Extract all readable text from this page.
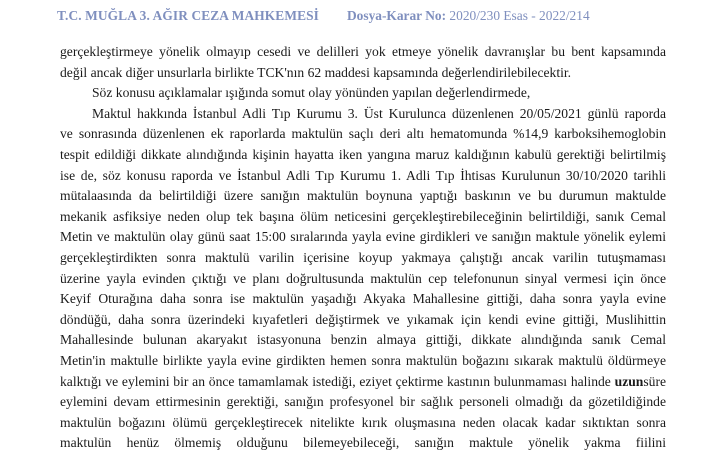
T.C. MUĞLA 3. AĞIR CEZA MAHKEMESİ Dosya-Karar No: 2020/230 Esas - 2022/214
gerçekleştirmeye yönelik olmayıp cesedi ve delilleri yok etmeye yönelik davranışlar bu bent kapsamında
değil ancak diğer unsurlarla birlikte TCK'nın 62 maddesi kapsamında değerlendirilebilecektir.
Söz konusu açıklamalar ışığında somut olay yönünden yapılan değerlendirmede,
Maktul hakkında İstanbul Adli Tıp Kurumu 3. Üst Kurulunca düzenlenen 20/05/2021 günlü raporda
ve sonrasında düzenlenen ek raporlarda maktulün saçlı deri altı hematomunda %14,9 karboksihemoglobin
tespit edildiği dikkate alındığında kişinin hayatta iken yangına maruz kaldığının kabulü gerektiği belirtilmiş
ise de, söz konusu raporda ve İstanbul Adli Tıp Kurumu 1. Adli Tıp İhtisas Kurulunun 30/10/2020 tarihli
mütalaasında da belirtildiği üzere sanığın maktulün boynuna yaptığı baskının ve bu durumun maktulde
mekanik asfiksiye neden olup tek başına ölüm neticesini gerçekleştirebileceğinin belirtildiği, sanık Cemal
Metin ve maktulün olay günü saat 15:00 sıralarında yayla evine girdikleri ve sanığın maktule yönelik eylemi
gerçekleştirdikten sonra maktulü varilin içerisine koyup yakmaya çalıştığı ancak varilin tutuşmaması
üzerine yayla evinden çıktığı ve planı doğrultusunda maktulün cep telefonunun sinyal vermesi için önce
Keyif Oturağına daha sonra ise maktulün yaşadığı Akyaka Mahallesine gittiği, daha sonra yayla evine
döndüğü, daha sonra üzerindeki kıyafetleri değiştirmek ve yıkamak için kendi evine gittiği, Muslihittin
Mahallesinde bulunan akaryakıt istasyonuna benzin almaya gittiği, dikkate alındığında sanık Cemal
Metin'in maktulle birlikte yayla evine girdikten hemen sonra maktulün boğazını sıkarak maktulü öldürmeye
kalktığı ve eylemini bir an önce tamamlamak istediği, eziyet çektirme kastının bulunmaması halinde uzunsüre
eylemini devam ettirmesinin gerektiği, sanığın profesyonel bir sağlık personeli olmadığı da gözetildiğinde
maktulün boğazını ölümü gerçekleştirecek nitelikte kırık oluşmasına neden olacak kadar sıktıktan sonra
maktulün henüz ölmemiş olduğunu bilemeyebileceği, sanığın maktule yönelik yakma fiilini
